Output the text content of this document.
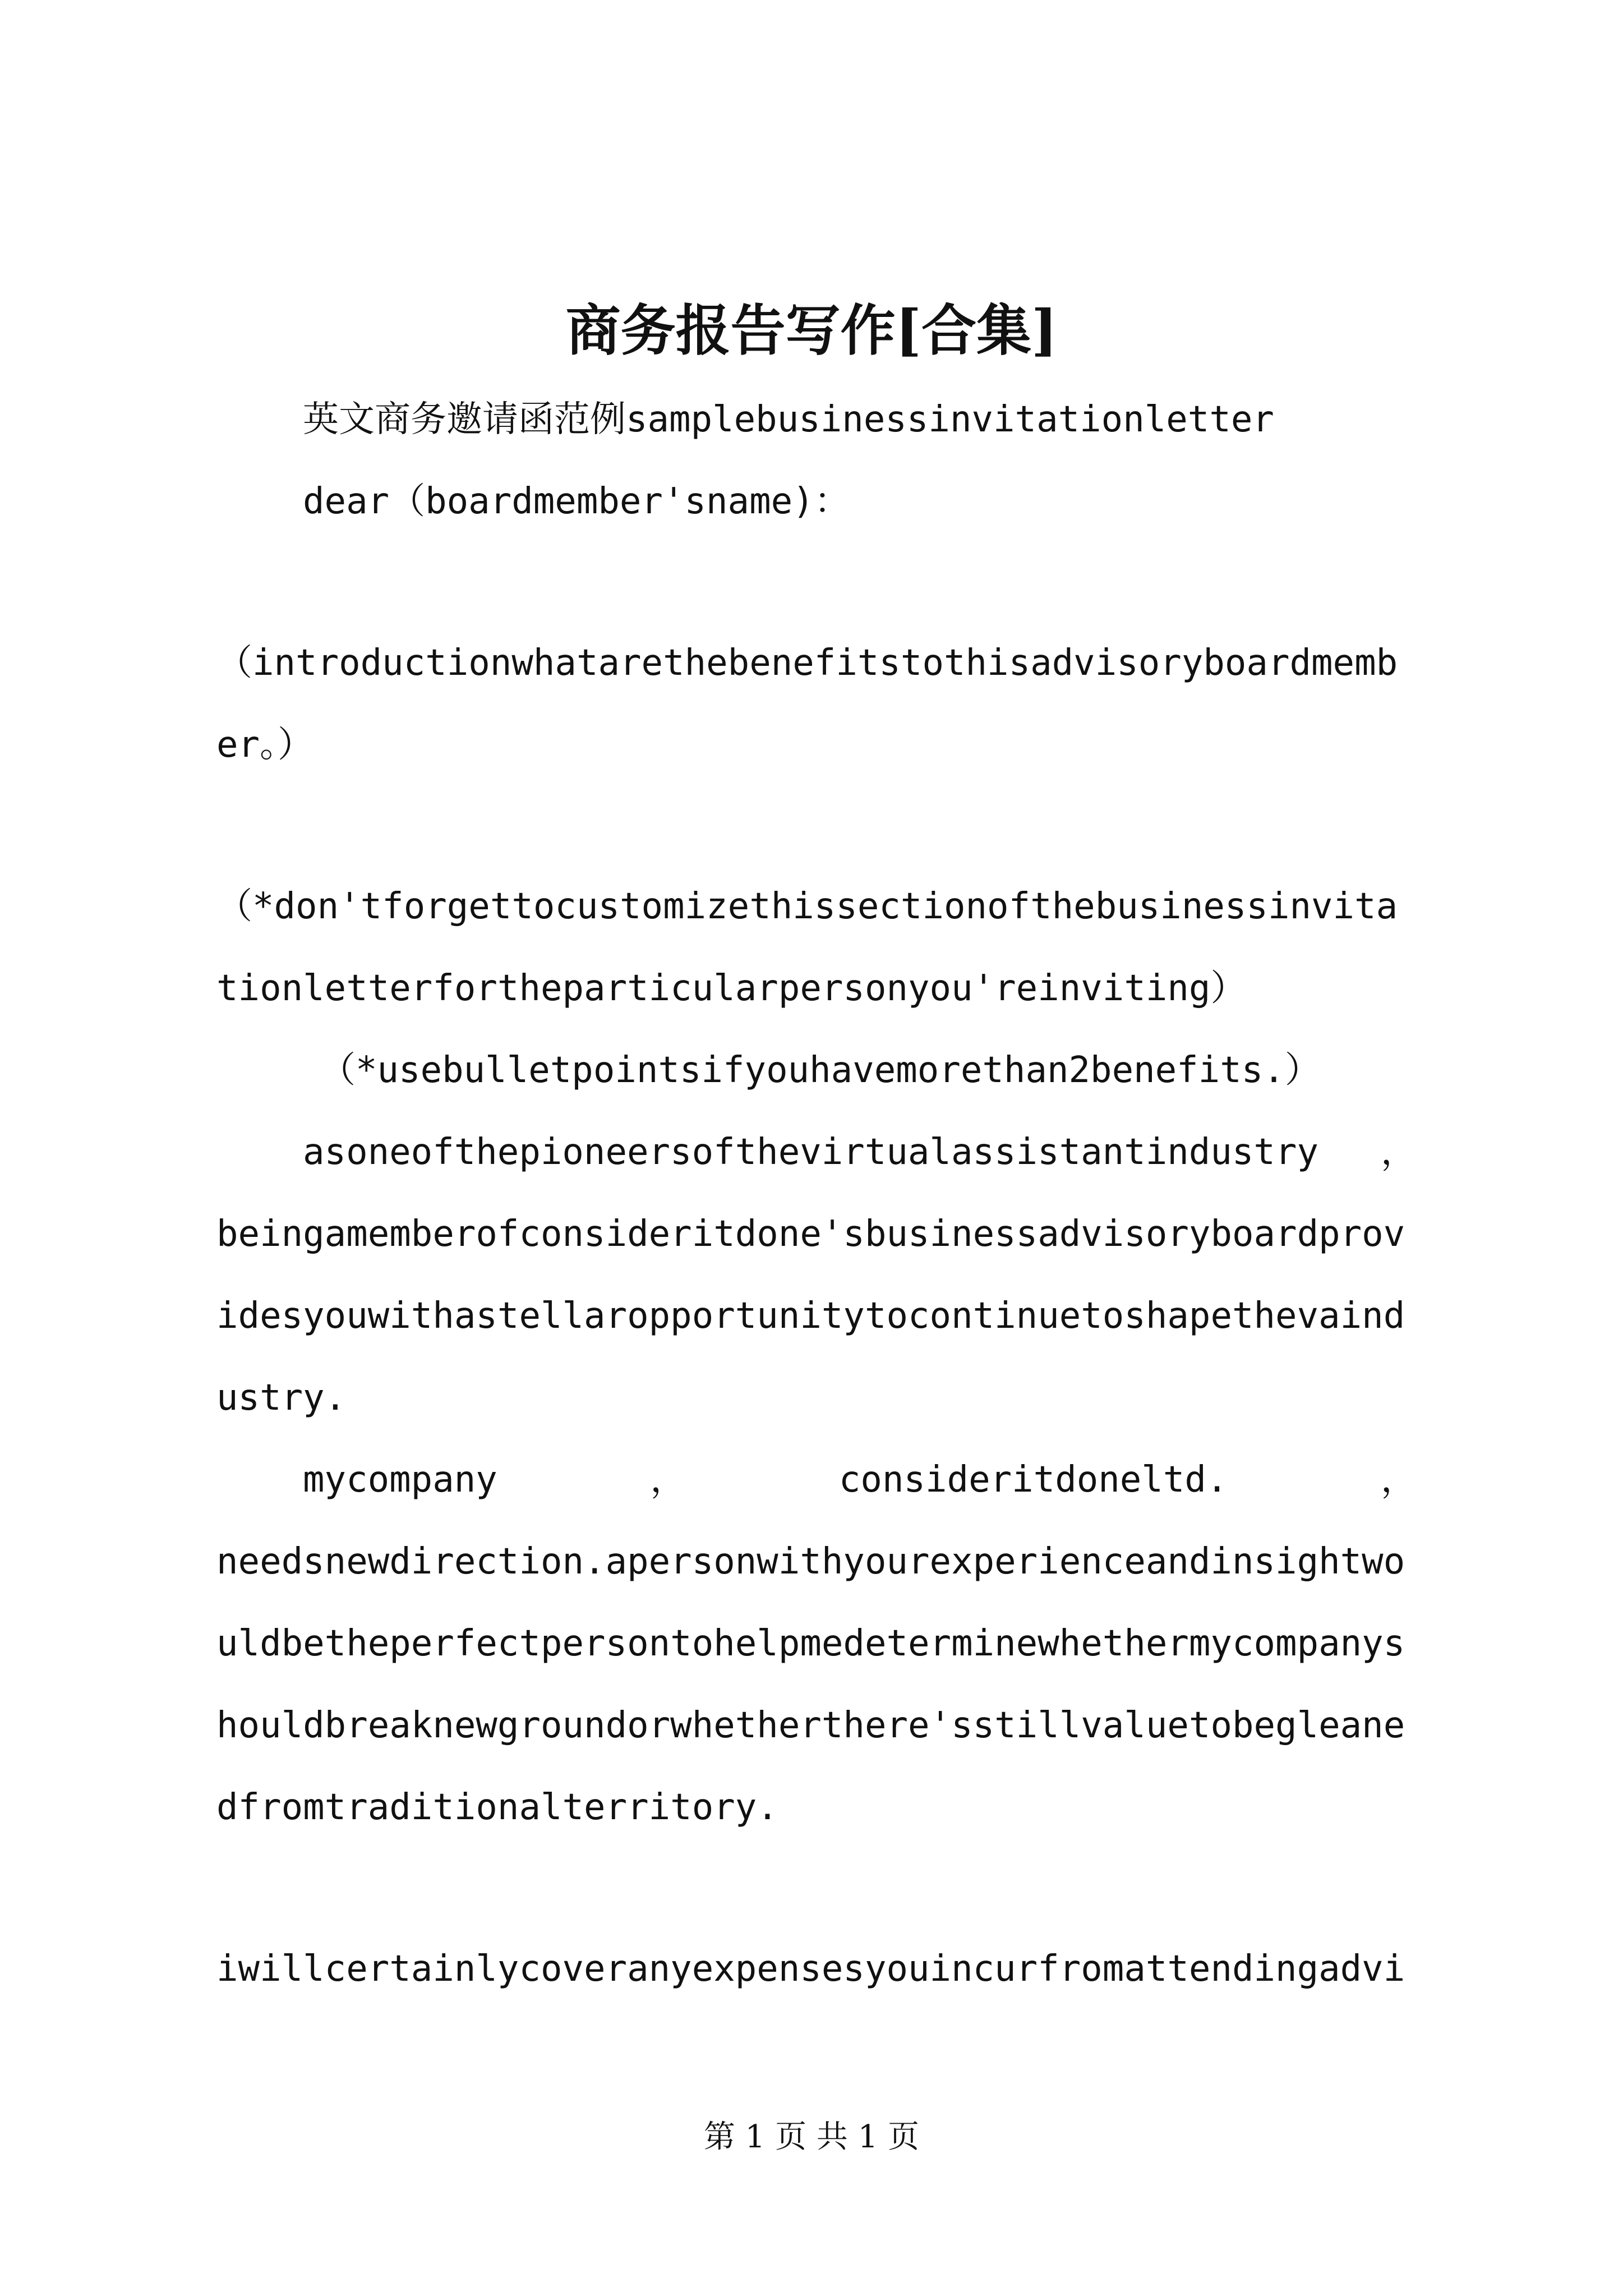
商务报告写作[合集]
英文商务邀请函范例samplebusinessinvitationletter
dear（boardmember'sname)：
（introductionwhatarethebenefitstothisadvisoryboardmemb
er。）
（*don'tforgettocustomizethissectionofthebusinessinvita
tionletterfortheparticularpersonyou'reinviting）
（*usebulletpointsifyouhavemorethan2benefits.）
asoneofthepioneersofthevirtualassistantindustry ，
beingamemberofconsideritdone'sbusinessadvisoryboardprov
idesyouwithastellaropportunitytocontinuetoshapethevaind
ustry.
mycompany	，	consideritdoneltd.	，
needsnewdirection.apersonwithyourexperienceandinsightwo
uldbetheperfectpersontohelpmedeterminewhethermycompanys
houldbreaknewgroundorwhetherthere'sstillvaluetobegleane
dfromtraditionalterritory.
iwillcertainlycoveranyexpensesyouincurfromattendingadvi
第 1 页 共 1 页
